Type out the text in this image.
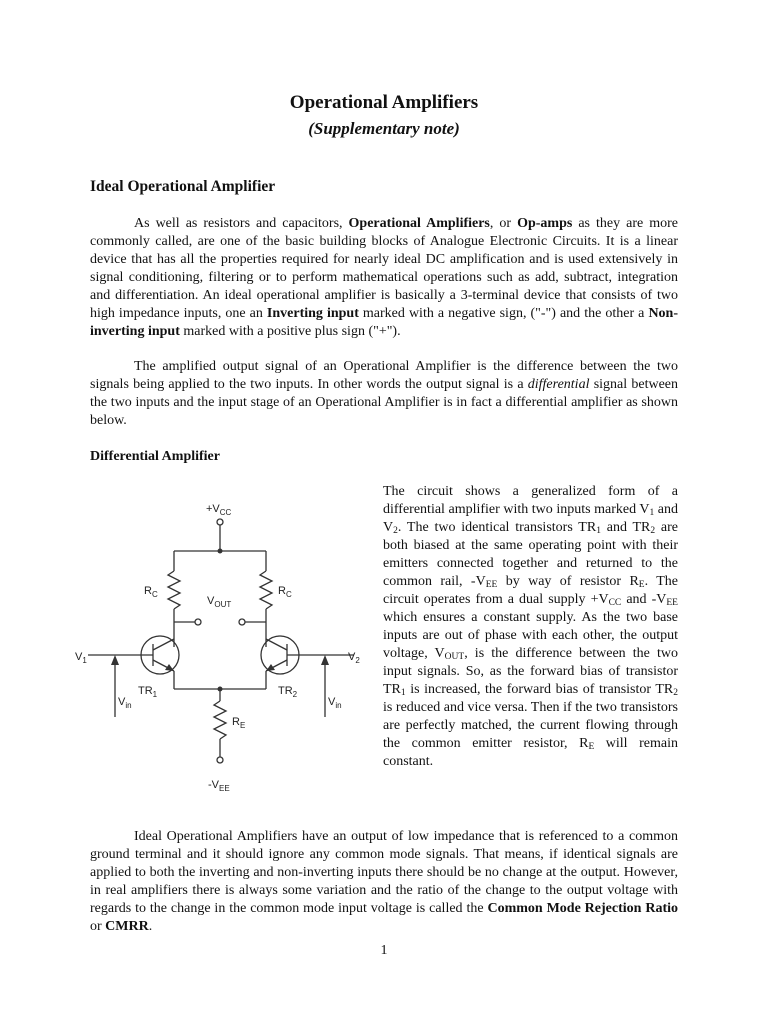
Operational Amplifiers
(Supplementary note)
Ideal Operational Amplifier

As well as resistors and capacitors, Operational Amplifiers, or Op-amps as they are more commonly called, are one of the basic building blocks of Analogue Electronic Circuits. It is a linear device that has all the properties required for nearly ideal DC amplification and is used extensively in signal conditioning, filtering or to perform mathematical operations such as add, subtract, integration and differentiation. An ideal operational amplifier is basically a 3-terminal device that consists of two high impedance inputs, one an Inverting input marked with a negative sign, ("-") and the other a Non-inverting input marked with a positive plus sign ("+").

The amplified output signal of an Operational Amplifier is the difference between the two signals being applied to the two inputs. In other words the output signal is a differential signal between the two inputs and the input stage of an Operational Amplifier is in fact a differential amplifier as shown below.

Differential Amplifier
$+V_{CC}$
$R_C$	$R_C$
$V_{OUT}$
$V_1$	$V_2$
$TR_1$	$TR_2$
$V_{in}$	$V_{in}$
$R_E$
$-V_{EE}$

The circuit shows a generalized form of a differential amplifier with two inputs marked $V_1$ and $V_2$. The two identical transistors $TR_1$ and $TR_2$ are both biased at the same operating point with their emitters connected together and returned to the common rail, $-V_{EE}$ by way of resistor $R_E$. The circuit operates from a dual supply $+V_{CC}$ and $-V_{EE}$ which ensures a constant supply. As the two base inputs are out of phase with each other, the output voltage, $V_{OUT}$, is the difference between the two input signals. So, as the forward bias of transistor $TR_1$ is increased, the forward bias of transistor $TR_2$ is reduced and vice versa. Then if the two transistors are perfectly matched, the current flowing through the common emitter resistor, $R_E$ will remain constant.

Ideal Operational Amplifiers have an output of low impedance that is referenced to a common ground terminal and it should ignore any common mode signals. That means, if identical signals are applied to both the inverting and non-inverting inputs there should be no change at the output. However, in real amplifiers there is always some variation and the ratio of the change to the output voltage with regards to the change in the common mode input voltage is called the Common Mode Rejection Ratio or CMRR.

1
